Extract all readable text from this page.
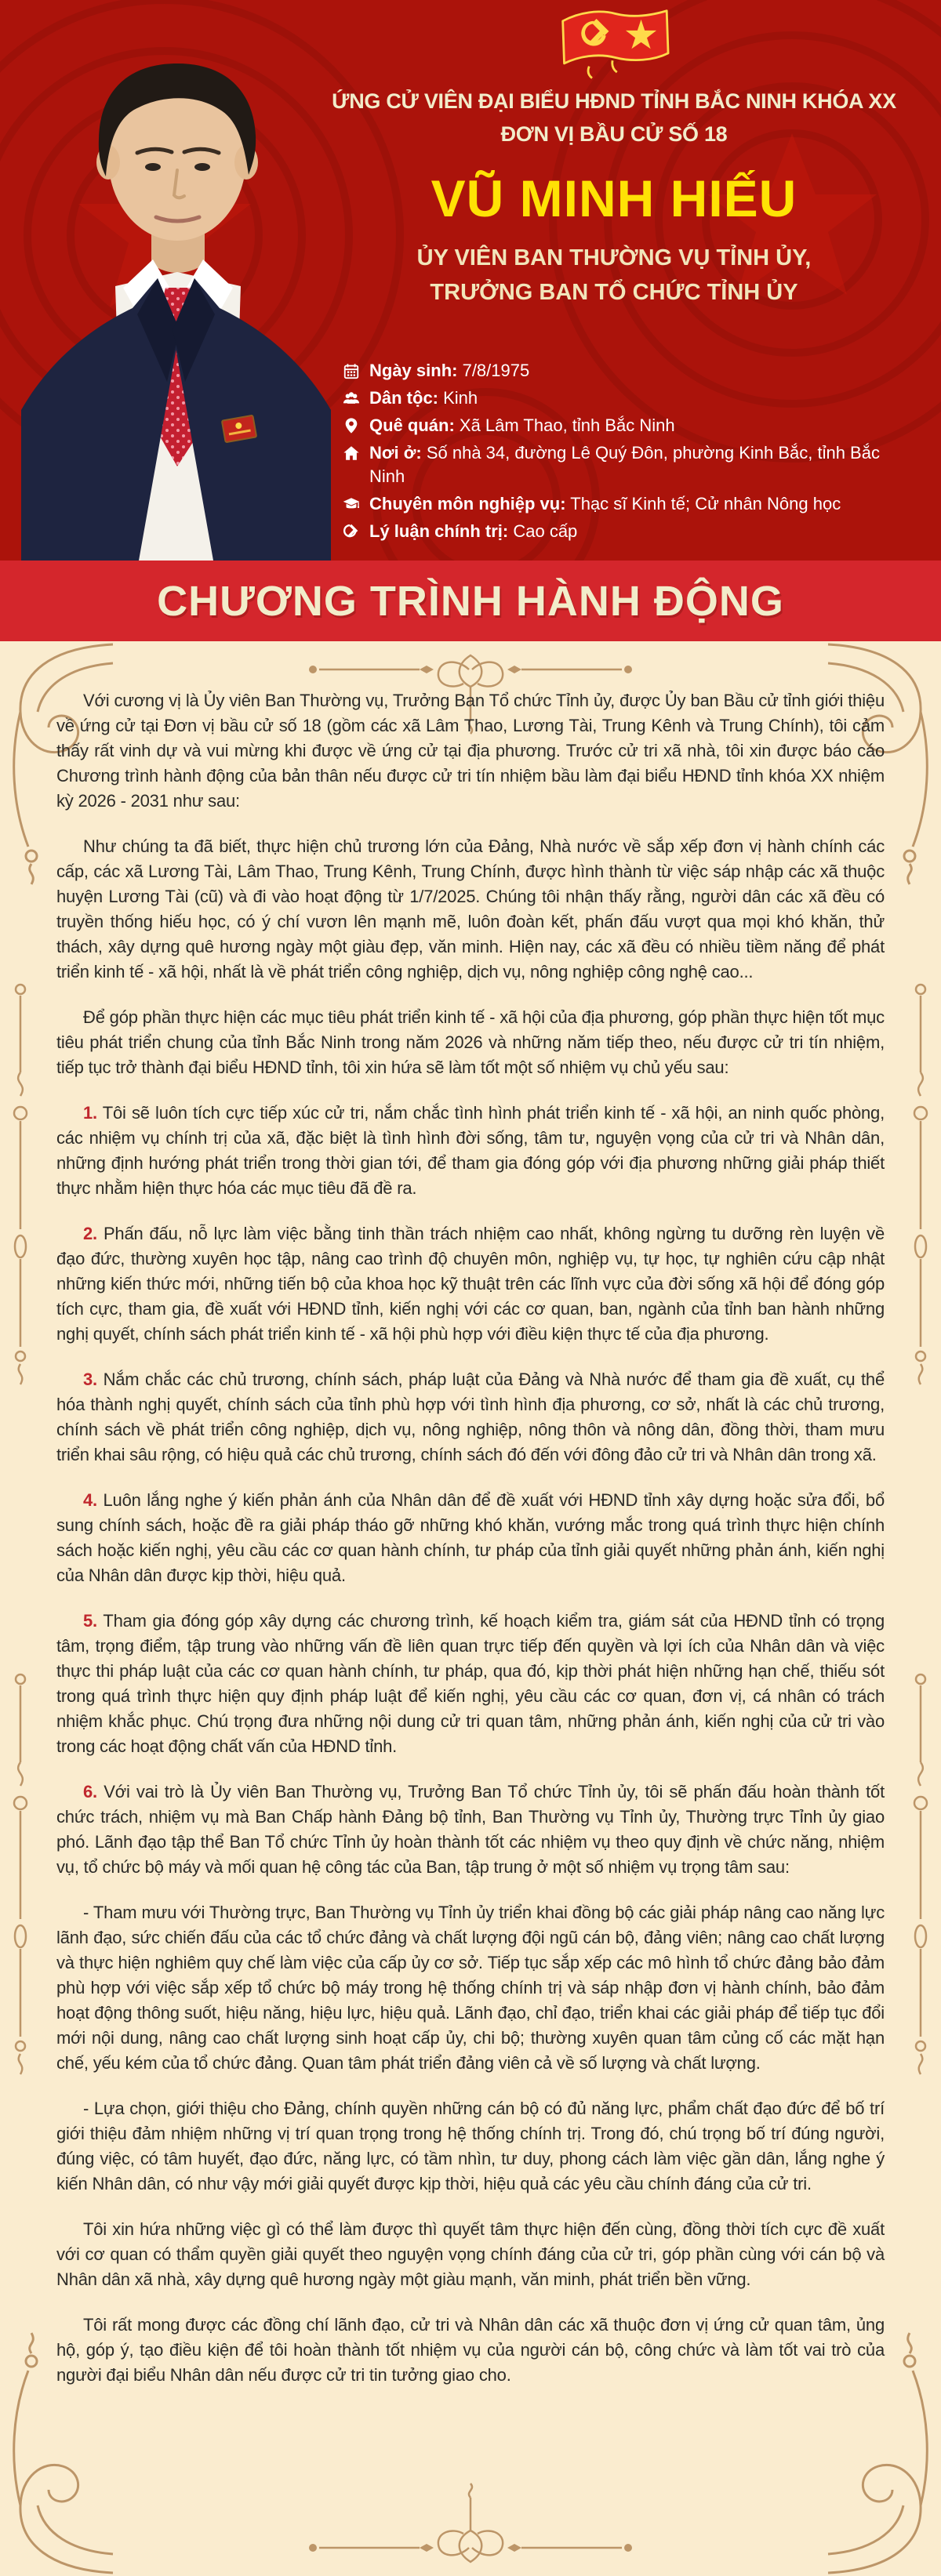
ỨNG CỬ VIÊN ĐẠI BIỂU HĐND TỈNH BẮC NINH KHÓA XX
ĐƠN VỊ BẦU CỬ SỐ 18
VŨ MINH HIẾU
ỦY VIÊN BAN THƯỜNG VỤ TỈNH ỦY,
TRƯỞNG BAN TỔ CHỨC TỈNH ỦY
Ngày sinh: 7/8/1975
Dân tộc: Kinh
Quê quán: Xã Lâm Thao, tỉnh Bắc Ninh
Nơi ở: Số nhà 34, đường Lê Quý Đôn, phường Kinh Bắc, tỉnh Bắc Ninh
Chuyên môn nghiệp vụ: Thạc sĩ Kinh tế; Cử nhân Nông học
Lý luận chính trị: Cao cấp
CHƯƠNG TRÌNH HÀNH ĐỘNG

Với cương vị là Ủy viên Ban Thường vụ, Trưởng Ban Tổ chức Tỉnh ủy, được Ủy ban Bầu cử tỉnh giới thiệu về ứng cử tại Đơn vị bầu cử số 18 (gồm các xã Lâm Thao, Lương Tài, Trung Kênh và Trung Chính), tôi cảm thấy rất vinh dự và vui mừng khi được về ứng cử tại địa phương. Trước cử tri xã nhà, tôi xin được báo cáo Chương trình hành động của bản thân nếu được cử tri tín nhiệm bầu làm đại biểu HĐND tỉnh khóa XX nhiệm kỳ 2026 - 2031 như sau:

Như chúng ta đã biết, thực hiện chủ trương lớn của Đảng, Nhà nước về sắp xếp đơn vị hành chính các cấp, các xã Lương Tài, Lâm Thao, Trung Kênh, Trung Chính, được hình thành từ việc sáp nhập các xã thuộc huyện Lương Tài (cũ) và đi vào hoạt động từ 1/7/2025. Chúng tôi nhận thấy rằng, người dân các xã đều có truyền thống hiếu học, có ý chí vươn lên mạnh mẽ, luôn đoàn kết, phấn đấu vượt qua mọi khó khăn, thử thách, xây dựng quê hương ngày một giàu đẹp, văn minh. Hiện nay, các xã đều có nhiều tiềm năng để phát triển kinh tế - xã hội, nhất là về phát triển công nghiệp, dịch vụ, nông nghiệp công nghệ cao...

Để góp phần thực hiện các mục tiêu phát triển kinh tế - xã hội của địa phương, góp phần thực hiện tốt mục tiêu phát triển chung của tỉnh Bắc Ninh trong năm 2026 và những năm tiếp theo, nếu được cử tri tín nhiệm, tiếp tục trở thành đại biểu HĐND tỉnh, tôi xin hứa sẽ làm tốt một số nhiệm vụ chủ yếu sau:

1. Tôi sẽ luôn tích cực tiếp xúc cử tri, nắm chắc tình hình phát triển kinh tế - xã hội, an ninh quốc phòng, các nhiệm vụ chính trị của xã, đặc biệt là tình hình đời sống, tâm tư, nguyện vọng của cử tri và Nhân dân, những định hướng phát triển trong thời gian tới, để tham gia đóng góp với địa phương những giải pháp thiết thực nhằm hiện thực hóa các mục tiêu đã đề ra.

2. Phấn đấu, nỗ lực làm việc bằng tinh thần trách nhiệm cao nhất, không ngừng tu dưỡng rèn luyện về đạo đức, thường xuyên học tập, nâng cao trình độ chuyên môn, nghiệp vụ, tự học, tự nghiên cứu cập nhật những kiến thức mới, những tiến bộ của khoa học kỹ thuật trên các lĩnh vực của đời sống xã hội để đóng góp tích cực, tham gia, đề xuất với HĐND tỉnh, kiến nghị với các cơ quan, ban, ngành của tỉnh ban hành những nghị quyết, chính sách phát triển kinh tế - xã hội phù hợp với điều kiện thực tế của địa phương.

3. Nắm chắc các chủ trương, chính sách, pháp luật của Đảng và Nhà nước để tham gia đề xuất, cụ thể hóa thành nghị quyết, chính sách của tỉnh phù hợp với tình hình địa phương, cơ sở, nhất là các chủ trương, chính sách về phát triển công nghiệp, dịch vụ, nông nghiệp, nông thôn và nông dân, đồng thời, tham mưu triển khai sâu rộng, có hiệu quả các chủ trương, chính sách đó đến với đông đảo cử tri và Nhân dân trong xã.

4. Luôn lắng nghe ý kiến phản ánh của Nhân dân để đề xuất với HĐND tỉnh xây dựng hoặc sửa đổi, bổ sung chính sách, hoặc đề ra giải pháp tháo gỡ những khó khăn, vướng mắc trong quá trình thực hiện chính sách hoặc kiến nghị, yêu cầu các cơ quan hành chính, tư pháp của tỉnh giải quyết những phản ánh, kiến nghị của Nhân dân được kịp thời, hiệu quả.

5. Tham gia đóng góp xây dựng các chương trình, kế hoạch kiểm tra, giám sát của HĐND tỉnh có trọng tâm, trọng điểm, tập trung vào những vấn đề liên quan trực tiếp đến quyền và lợi ích của Nhân dân và việc thực thi pháp luật của các cơ quan hành chính, tư pháp, qua đó, kịp thời phát hiện những hạn chế, thiếu sót trong quá trình thực hiện quy định pháp luật để kiến nghị, yêu cầu các cơ quan, đơn vị, cá nhân có trách nhiệm khắc phục. Chú trọng đưa những nội dung cử tri quan tâm, những phản ánh, kiến nghị của cử tri vào trong các hoạt động chất vấn của HĐND tỉnh.

6. Với vai trò là Ủy viên Ban Thường vụ, Trưởng Ban Tổ chức Tỉnh ủy, tôi sẽ phấn đấu hoàn thành tốt chức trách, nhiệm vụ mà Ban Chấp hành Đảng bộ tỉnh, Ban Thường vụ Tỉnh ủy, Thường trực Tỉnh ủy giao phó. Lãnh đạo tập thể Ban Tổ chức Tỉnh ủy hoàn thành tốt các nhiệm vụ theo quy định về chức năng, nhiệm vụ, tổ chức bộ máy và mối quan hệ công tác của Ban, tập trung ở một số nhiệm vụ trọng tâm sau:

- Tham mưu với Thường trực, Ban Thường vụ Tỉnh ủy triển khai đồng bộ các giải pháp nâng cao năng lực lãnh đạo, sức chiến đấu của các tổ chức đảng và chất lượng đội ngũ cán bộ, đảng viên; nâng cao chất lượng và thực hiện nghiêm quy chế làm việc của cấp ủy cơ sở. Tiếp tục sắp xếp các mô hình tổ chức đảng bảo đảm phù hợp với việc sắp xếp tổ chức bộ máy trong hệ thống chính trị và sáp nhập đơn vị hành chính, bảo đảm hoạt động thông suốt, hiệu năng, hiệu lực, hiệu quả. Lãnh đạo, chỉ đạo, triển khai các giải pháp để tiếp tục đổi mới nội dung, nâng cao chất lượng sinh hoạt cấp ủy, chi bộ; thường xuyên quan tâm củng cố các mặt hạn chế, yếu kém của tổ chức đảng. Quan tâm phát triển đảng viên cả về số lượng và chất lượng.

- Lựa chọn, giới thiệu cho Đảng, chính quyền những cán bộ có đủ năng lực, phẩm chất đạo đức để bố trí giới thiệu đảm nhiệm những vị trí quan trọng trong hệ thống chính trị. Trong đó, chú trọng bố trí đúng người, đúng việc, có tâm huyết, đạo đức, năng lực, có tầm nhìn, tư duy, phong cách làm việc gần dân, lắng nghe ý kiến Nhân dân, có như vậy mới giải quyết được kịp thời, hiệu quả các yêu cầu chính đáng của cử tri.

Tôi xin hứa những việc gì có thể làm được thì quyết tâm thực hiện đến cùng, đồng thời tích cực đề xuất với cơ quan có thẩm quyền giải quyết theo nguyện vọng chính đáng của cử tri, góp phần cùng với cán bộ và Nhân dân xã nhà, xây dựng quê hương ngày một giàu mạnh, văn minh, phát triển bền vững.

Tôi rất mong được các đồng chí lãnh đạo, cử tri và Nhân dân các xã thuộc đơn vị ứng cử quan tâm, ủng hộ, góp ý, tạo điều kiện để tôi hoàn thành tốt nhiệm vụ của người cán bộ, công chức và làm tốt vai trò của người đại biểu Nhân dân nếu được cử tri tin tưởng giao cho.
